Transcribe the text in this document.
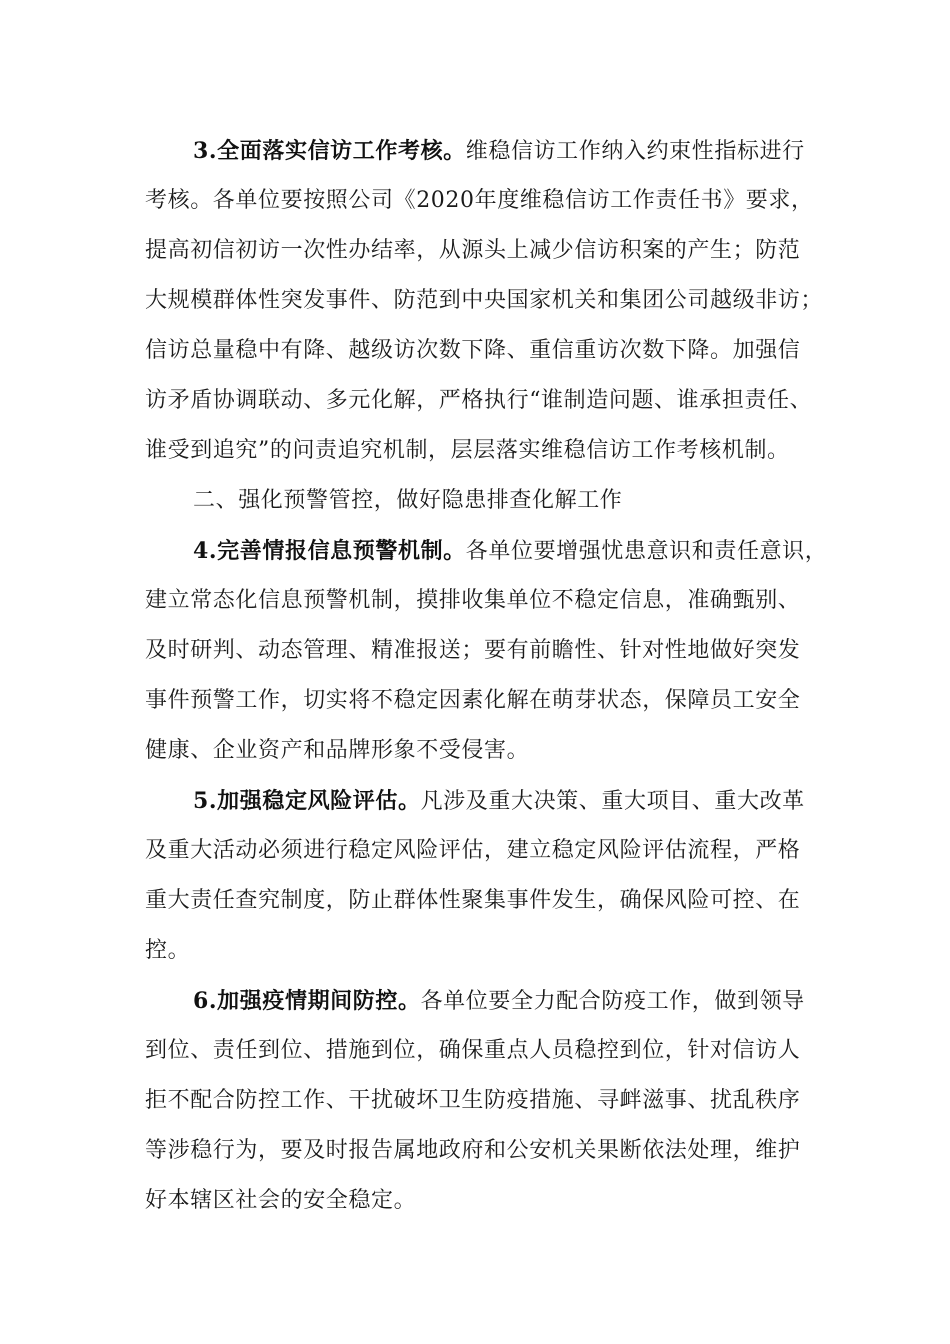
3.全面落实信访工作考核。维稳信访工作纳入约束性指标进行
考核。各单位要按照公司《2020年度维稳信访工作责任书》要求，
提高初信初访一次性办结率，从源头上减少信访积案的产生；防范
大规模群体性突发事件、防范到中央国家机关和集团公司越级非访；
信访总量稳中有降、越级访次数下降、重信重访次数下降。加强信
访矛盾协调联动、多元化解，严格执行“谁制造问题、谁承担责任、
谁受到追究”的问责追究机制，层层落实维稳信访工作考核机制。
二、强化预警管控，做好隐患排查化解工作
4.完善情报信息预警机制。各单位要增强忧患意识和责任意识，
建立常态化信息预警机制，摸排收集单位不稳定信息，准确甄别、
及时研判、动态管理、精准报送；要有前瞻性、针对性地做好突发
事件预警工作，切实将不稳定因素化解在萌芽状态，保障员工安全
健康、企业资产和品牌形象不受侵害。
5.加强稳定风险评估。凡涉及重大决策、重大项目、重大改革
及重大活动必须进行稳定风险评估，建立稳定风险评估流程，严格
重大责任查究制度，防止群体性聚集事件发生，确保风险可控、在
控。
6.加强疫情期间防控。各单位要全力配合防疫工作，做到领导
到位、责任到位、措施到位，确保重点人员稳控到位，针对信访人
拒不配合防控工作、干扰破坏卫生防疫措施、寻衅滋事、扰乱秩序
等涉稳行为，要及时报告属地政府和公安机关果断依法处理，维护
好本辖区社会的安全稳定。
